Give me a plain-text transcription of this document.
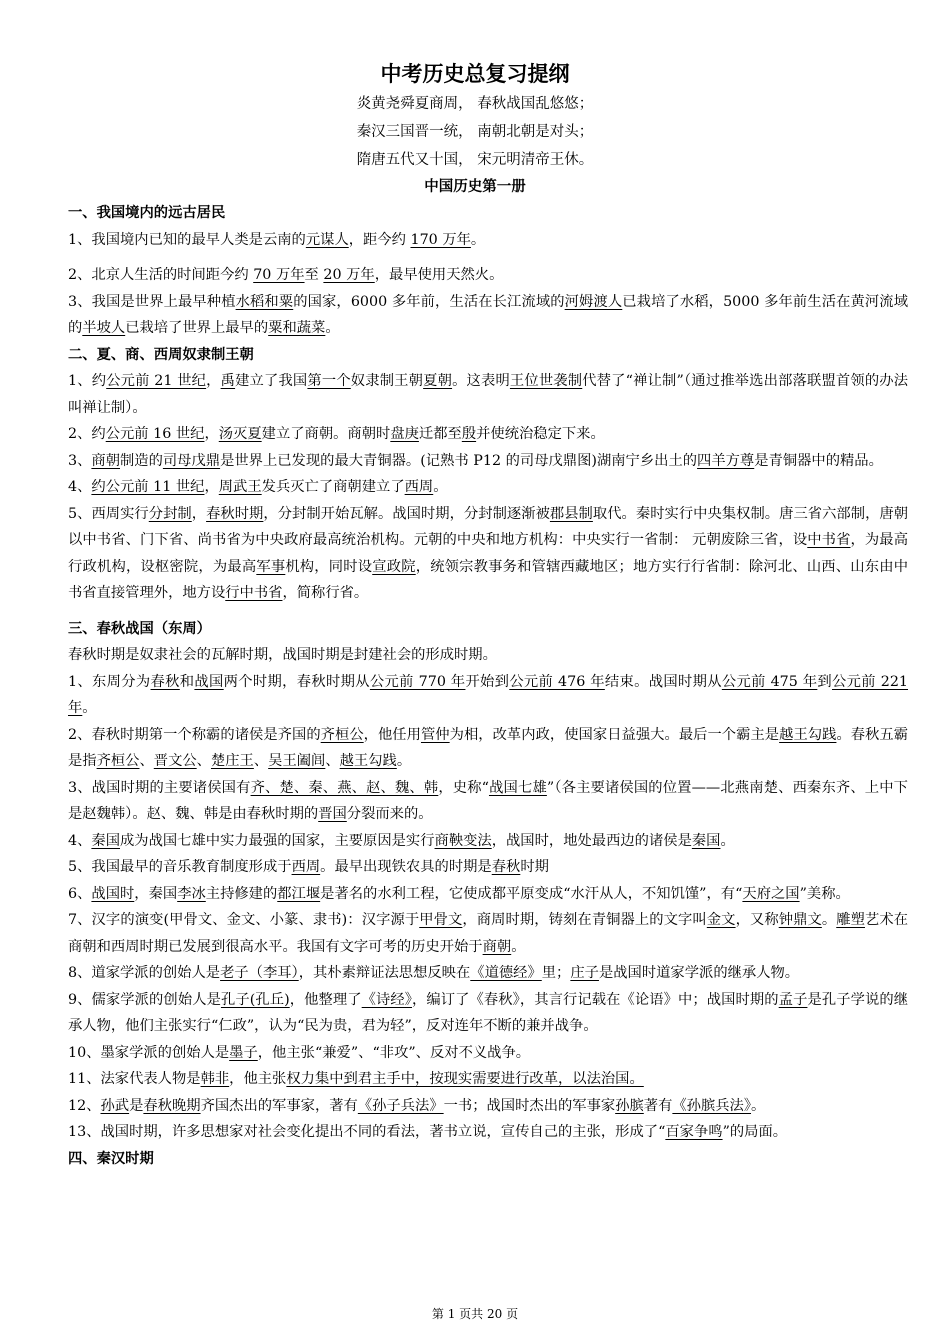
中考历史总复习提纲
炎黄尧舜夏商周， 春秋战国乱悠悠；
秦汉三国晋一统， 南朝北朝是对头；
隋唐五代又十国， 宋元明清帝王休。
中国历史第一册
一、我国境内的远古居民
1、我国境内已知的最早人类是云南的元谋人，距今约 170 万年。
2、北京人生活的时间距今约 70 万年至 20 万年，最早使用天然火。
3、我国是世界上最早种植水稻和粟的国家，6000 多年前，生活在长江流域的河姆渡人已栽培了水稻，5000 多年前生活在黄河流域的半坡人已栽培了世界上最早的粟和蔬菜。
二、夏、商、西周奴隶制王朝
1、约公元前 21 世纪，禹建立了我国第一个奴隶制王朝夏朝。这表明王位世袭制代替了“禅让制”（通过推举选出部落联盟首领的办法叫禅让制）。
2、约公元前 16 世纪，汤灭夏建立了商朝。商朝时盘庚迁都至殷并使统治稳定下来。
3、商朝制造的司母戊鼎是世界上已发现的最大青铜器。(记熟书 P12 的司母戊鼎图)湖南宁乡出土的四羊方尊是青铜器中的精品。
4、约公元前 11 世纪，周武王发兵灭亡了商朝建立了西周。
5、西周实行分封制，春秋时期，分封制开始瓦解。战国时期，分封制逐渐被郡县制取代。秦时实行中央集权制。唐三省六部制，唐朝以中书省、门下省、尚书省为中央政府最高统治机构。元朝的中央和地方机构：中央实行一省制： 元朝废除三省，设中书省，为最高行政机构，设枢密院，为最高军事机构，同时设宣政院，统领宗教事务和管辖西藏地区；地方实行行省制：除河北、山西、山东由中书省直接管理外，地方设行中书省，简称行省。
三、春秋战国（东周）
春秋时期是奴隶社会的瓦解时期，战国时期是封建社会的形成时期。
1、东周分为春秋和战国两个时期，春秋时期从公元前 770 年开始到公元前 476 年结束。战国时期从公元前 475 年到公元前 221 年。
2、春秋时期第一个称霸的诸侯是齐国的齐桓公，他任用管仲为相，改革内政，使国家日益强大。最后一个霸主是越王勾践。春秋五霸是指齐桓公、晋文公、楚庄王、吴王阖闾、越王勾践。
3、战国时期的主要诸侯国有齐、楚、秦、燕、赵、魏、韩，史称“战国七雄”（各主要诸侯国的位置——北燕南楚、西秦东齐、上中下是赵魏韩）。赵、魏、韩是由春秋时期的晋国分裂而来的。
4、秦国成为战国七雄中实力最强的国家，主要原因是实行商鞅变法，战国时，地处最西边的诸侯是秦国。
5、我国最早的音乐教育制度形成于西周。最早出现铁农具的时期是春秋时期
6、战国时，秦国李冰主持修建的都江堰是著名的水利工程，它使成都平原变成“水汗从人，不知饥馑”，有“天府之国”美称。
7、汉字的演变(甲骨文、金文、小篆、隶书)：汉字源于甲骨文，商周时期，铸刻在青铜器上的文字叫金文，又称钟鼎文。雕塑艺术在商朝和西周时期已发展到很高水平。我国有文字可考的历史开始于商朝。
8、道家学派的创始人是老子（李耳），其朴素辩证法思想反映在《道德经》里；庄子是战国时道家学派的继承人物。
9、儒家学派的创始人是孔子(孔丘)，他整理了《诗经》，编订了《春秋》，其言行记载在《论语》中；战国时期的孟子是孔子学说的继承人物，他们主张实行“仁政”，认为“民为贵，君为轻”，反对连年不断的兼并战争。
10、墨家学派的创始人是墨子，他主张“兼爱”、“非攻”、反对不义战争。
11、法家代表人物是韩非，他主张权力集中到君主手中，按现实需要进行改革，以法治国。
12、孙武是春秋晚期齐国杰出的军事家，著有《孙子兵法》一书；战国时杰出的军事家孙膑著有《孙膑兵法》。
13、战国时期，许多思想家对社会变化提出不同的看法，著书立说，宣传自己的主张，形成了“百家争鸣”的局面。
四、秦汉时期
第 1 页共 20 页
